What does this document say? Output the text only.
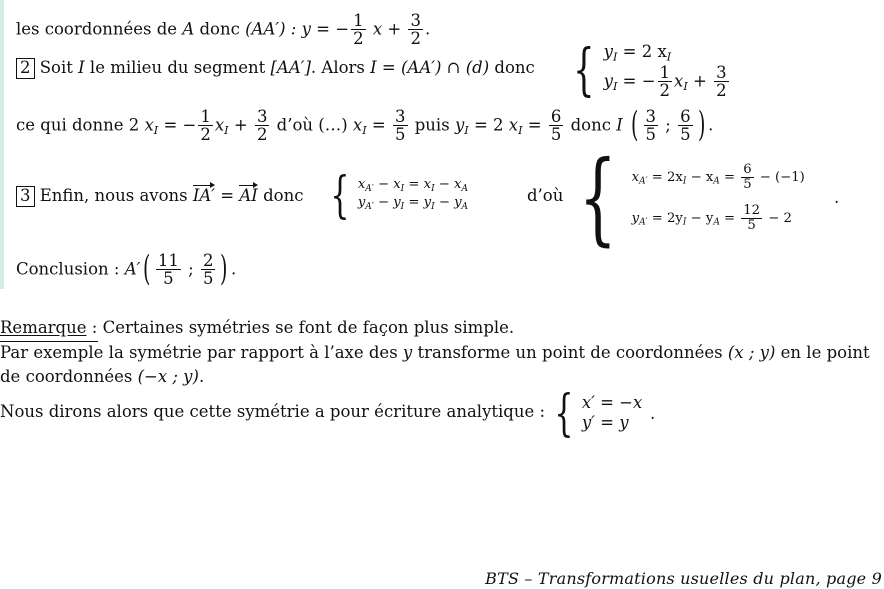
les coordonnées de A donc (AA′) : y = − $\frac{1}{2}$ $x + \frac{3}{2}$ .
2 Soit I le milieu du segment [AA′]. Alors I = (AA′) ∩ (d) donc { $y_I = 2$ $x_I$
$y_I$ = − $\frac{1}{2} x_I + \frac{3}{2}$
ce qui donne 2 $x_I$ = − $\frac{1}{2} x_I + \frac{3}{2}$ d’où (…) $x_I = \frac{3}{5}$ puis $y_I = 2$ $x_I = \frac{6}{5}$ donc I ( $\frac{3}{5}$ ; $\frac{6}{5}$ ) .
3 Enfin, nous avons IA′ = AI donc { $x_{A'} - x_I = x_I - x_A$
$y_{A'} - y_I = y_I - y_A$
d’où { $x_{A'} = 2x_I - x_A = \frac{6}{5} - (-1)$
$y_{A'} = 2y_I - y_A = \frac{12}{5} - 2$
.
Conclusion : $A'( \frac{11}{5}$ ; $\frac{2}{5}$ ) .
Remarque : Certaines symétries se font de façon plus simple.
Par exemple la symétrie par rapport à l’axe des y transforme un point de coordonnées (x ; y) en le point
de coordonnées (−x ; y).
Nous dirons alors que cette symétrie a pour écriture analytique : { x′ = −x
y′ = y	.
BTS – Transformations usuelles du plan, page 9
